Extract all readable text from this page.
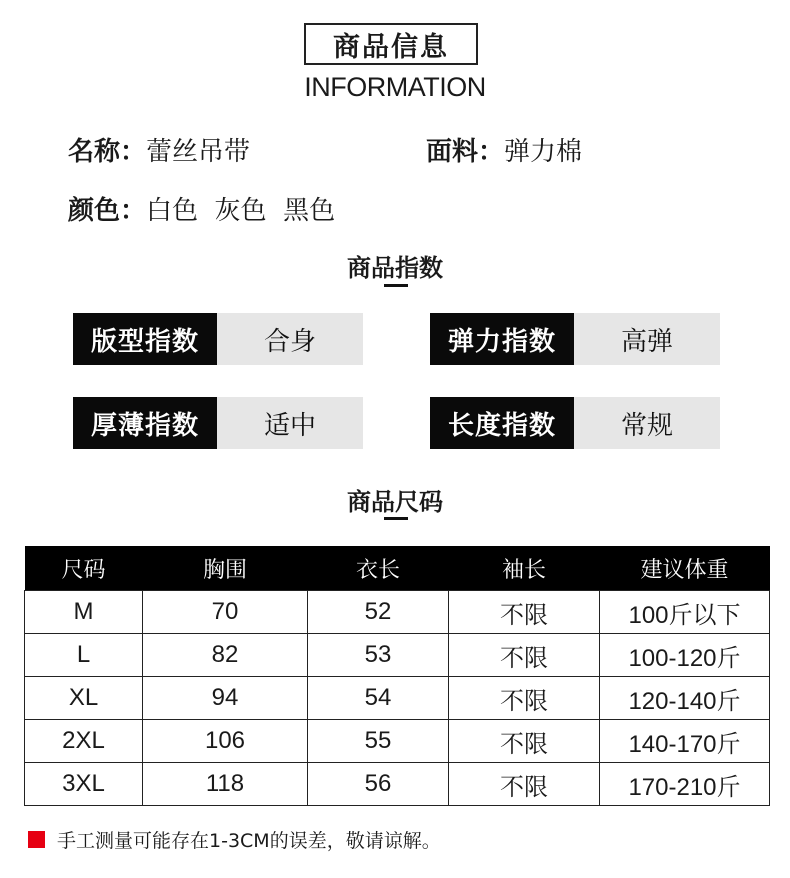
商品信息
INFORMATION
名称：蕾丝吊带	面料：弹力棉
颜色：白色  灰色  黑色
商品指数
版型指数	合身	弹力指数	高弹
厚薄指数	适中	长度指数	常规
商品尺码
尺码	胸围	衣长	袖长	建议体重
M	70	52	不限	100斤以下
L	82	53	不限	100-120斤
XL	94	54	不限	120-140斤
2XL	106	55	不限	140-170斤
3XL	118	56	不限	170-210斤
手工测量可能存在1-3CM的误差，敬请谅解。
